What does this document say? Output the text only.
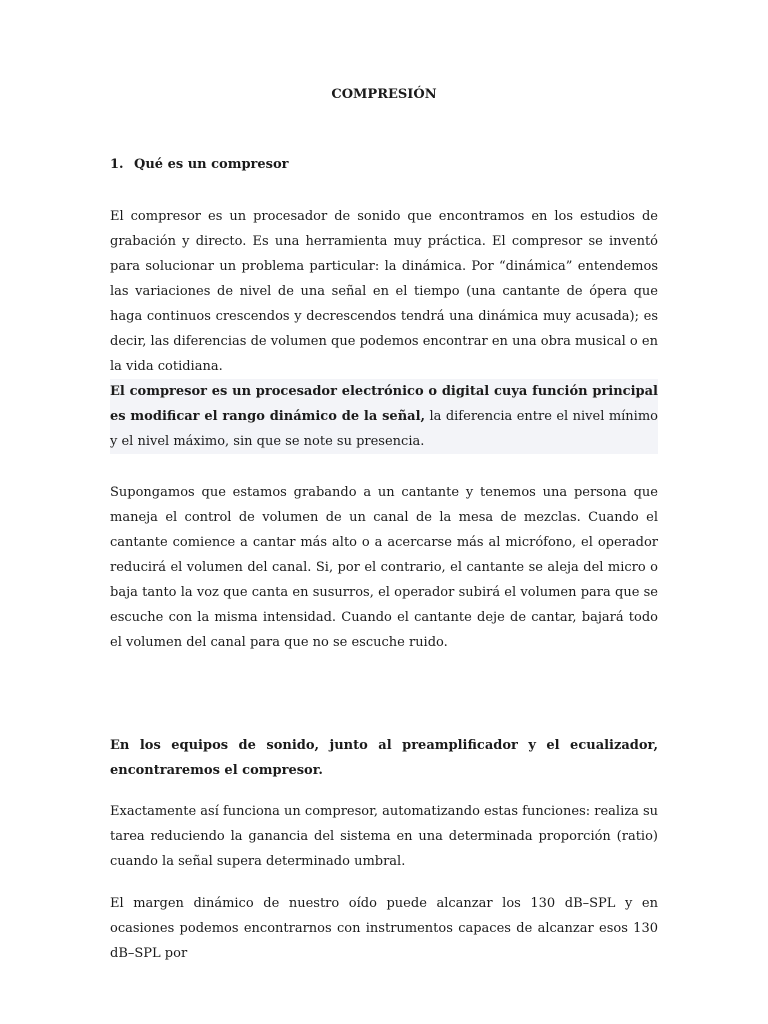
COMPRESIÓN
1. Qué es un compresor

El compresor es un procesador de sonido que encontramos en los estudios de grabación y directo. Es una herramienta muy práctica. El compresor se inventó para solucionar un problema particular: la dinámica. Por “dinámica” entendemos las variaciones de nivel de una señal en el tiempo (una cantante de ópera que haga continuos crescendos y decrescendos tendrá una dinámica muy acusada); es decir, las diferencias de volumen que podemos encontrar en una obra musical o en la vida cotidiana.

El compresor es un procesador electrónico o digital cuya función principal es modificar el rango dinámico de la señal, la diferencia entre el nivel mínimo y el nivel máximo, sin que se note su presencia.

Supongamos que estamos grabando a un cantante y tenemos una persona que maneja el control de volumen de un canal de la mesa de mezclas. Cuando el cantante comience a cantar más alto o a acercarse más al micrófono, el operador reducirá el volumen del canal. Si, por el contrario, el cantante se aleja del micro o baja tanto la voz que canta en susurros, el operador subirá el volumen para que se escuche con la misma intensidad. Cuando el cantante deje de cantar, bajará todo el volumen del canal para que no se escuche ruido.

En los equipos de sonido, junto al preamplificador y el ecualizador, encontraremos el compresor.

Exactamente así funciona un compresor, automatizando estas funciones: realiza su tarea reduciendo la ganancia del sistema en una determinada proporción (ratio) cuando la señal supera determinado umbral.

El margen dinámico de nuestro oído puede alcanzar los 130 dB–SPL y en ocasiones podemos encontrarnos con instrumentos capaces de alcanzar esos 130 dB–SPL por
